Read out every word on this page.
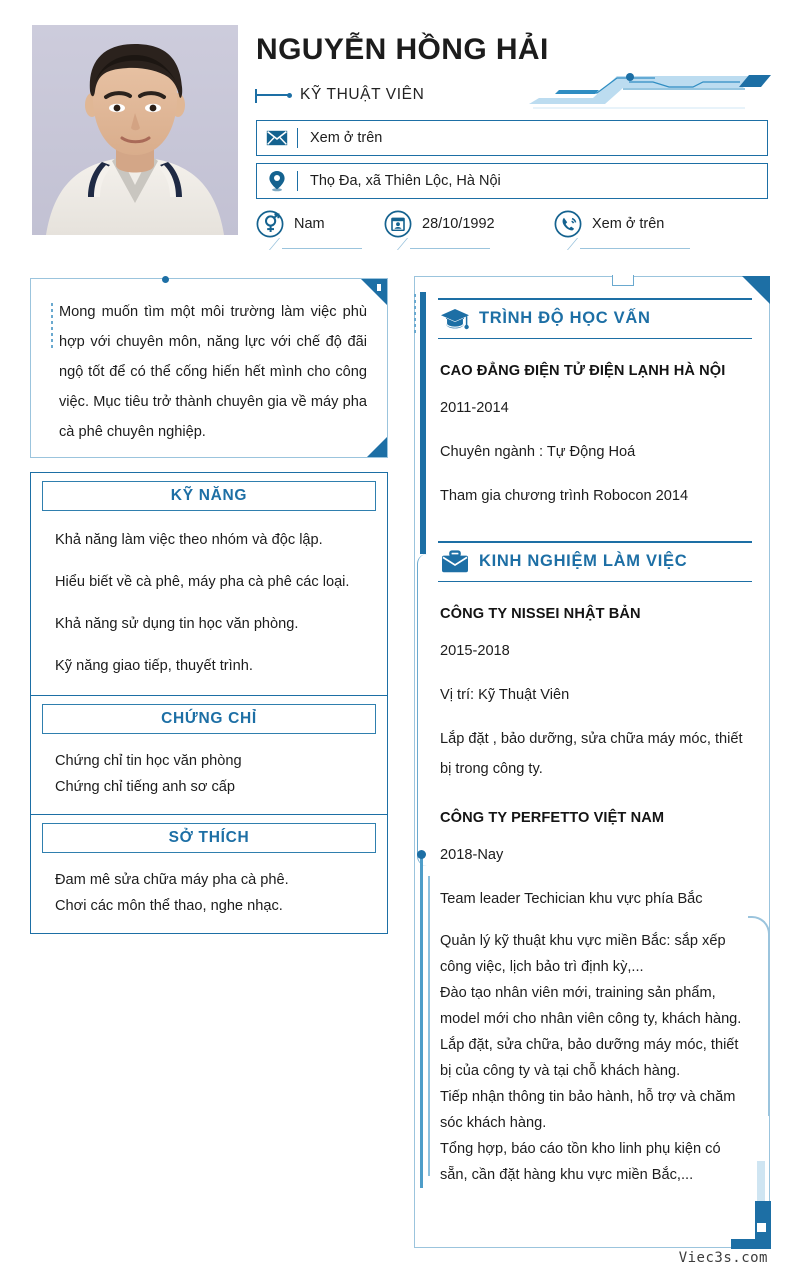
NGUYỄN HỒNG HẢI
KỸ THUẬT VIÊN
Xem ở trên
Thọ Đa, xã Thiên Lộc, Hà Nội
Nam	28/10/1992	Xem ở trên
Mong muốn tìm một môi trường làm việc phù hợp với chuyên môn, năng lực với chế độ đãi ngộ tốt để có thể cống hiến hết mình cho công việc. Mục tiêu trở thành chuyên gia về máy pha cà phê chuyên nghiệp.
KỸ NĂNG

Khả năng làm việc theo nhóm và độc lập.

Hiểu biết về cà phê, máy pha cà phê các loại.

Khả năng sử dụng tin học văn phòng.

Kỹ năng giao tiếp, thuyết trình.

CHỨNG CHỈ

Chứng chỉ tin học văn phòng

Chứng chỉ tiếng anh sơ cấp

SỞ THÍCH

Đam mê sửa chữa máy pha cà phê.

Chơi các môn thể thao, nghe nhạc.

TRÌNH ĐỘ HỌC VẤN
CAO ĐẲNG ĐIỆN TỬ ĐIỆN LẠNH HÀ NỘI

2011-2014

Chuyên ngành : Tự Động Hoá

Tham gia chương trình Robocon 2014

KINH NGHIỆM LÀM VIỆC
CÔNG TY NISSEI NHẬT BẢN

2015-2018

Vị trí: Kỹ Thuật Viên

Lắp đặt , bảo dưỡng, sửa chữa máy móc, thiết bị trong công ty.

CÔNG TY PERFETTO VIỆT NAM

2018-Nay

Team leader Techician khu vực phía Bắc

Quản lý kỹ thuật khu vực miền Bắc: sắp xếp công việc, lịch bảo trì định kỳ,...

Đào tạo nhân viên mới, training sản phẩm, model mới cho nhân viên công ty, khách hàng.

Lắp đặt, sửa chữa, bảo dưỡng máy móc, thiết bị của công ty và tại chỗ khách hàng.

Tiếp nhận thông tin bảo hành, hỗ trợ và chăm sóc khách hàng.

Tổng hợp, báo cáo tồn kho linh phụ kiện có sẵn, cần đặt hàng khu vực miền Bắc,...

Viec3s.com
